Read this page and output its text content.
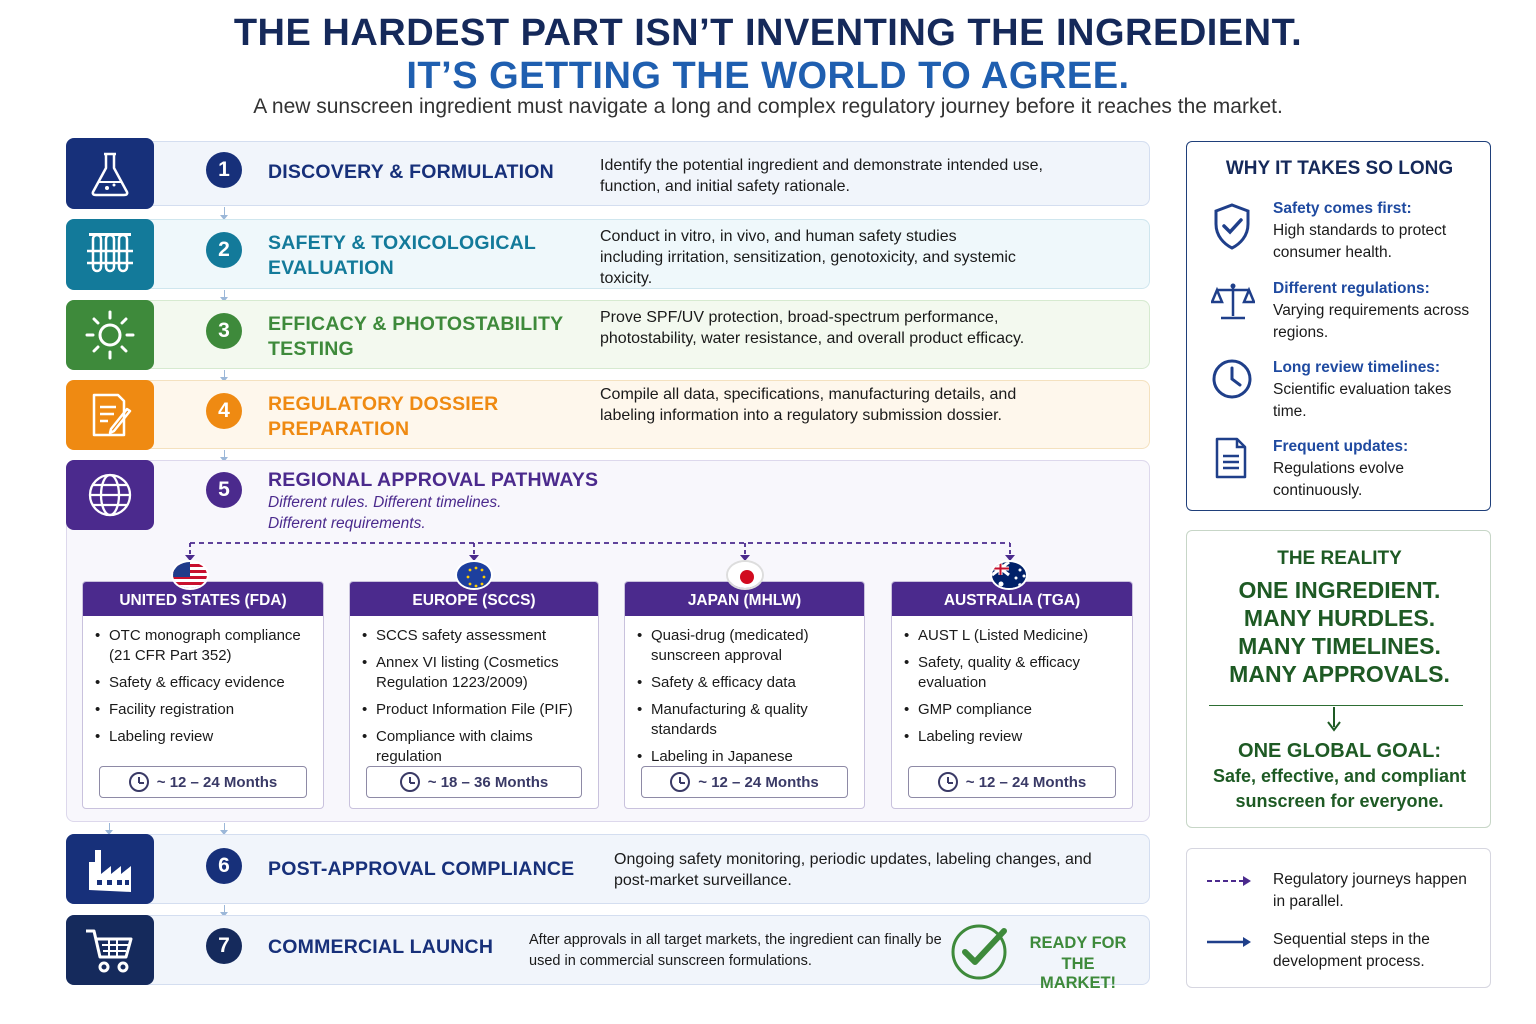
THE HARDEST PART ISN’T INVENTING THE INGREDIENT.
IT’S GETTING THE WORLD TO AGREE.
A new sunscreen ingredient must navigate a long and complex regulatory journey before it reaches the market.
1	DISCOVERY & FORMULATION	Identify the potential ingredient and demonstrate intended use, function, and initial safety rationale.
2	SAFETY & TOXICOLOGICAL EVALUATION
Conduct in vitro, in vivo, and human safety studies including irritation, sensitization, genotoxicity, and systemic toxicity.
3	EFFICACY & PHOTOSTABILITY TESTING
Prove SPF/UV protection, broad-spectrum performance, photostability, water resistance, and overall product efficacy.
4	REGULATORY DOSSIER PREPARATION
Compile all data, specifications, manufacturing details, and labeling information into a regulatory submission dossier.
5	REGIONAL APPROVAL PATHWAYS
Different rules. Different timelines.
Different requirements.
UNITED STATES (FDA)
• OTC monograph compliance (21 CFR Part 352)
• Safety & efficacy evidence
• Facility registration
• Labeling review
~ 12 – 24 Months
EUROPE (SCCS)
• SCCS safety assessment
• Annex VI listing (Cosmetics Regulation 1223/2009)
• Product Information File (PIF)
• Compliance with claims regulation
~ 18 – 36 Months
JAPAN (MHLW)
• Quasi-drug (medicated) sunscreen approval
• Safety & efficacy data
• Manufacturing & quality standards
• Labeling in Japanese
~ 12 – 24 Months
AUSTRALIA (TGA)
• AUST L (Listed Medicine)
• Safety, quality & efficacy evaluation
• GMP compliance
• Labeling review
~ 12 – 24 Months
6	POST-APPROVAL COMPLIANCE Ongoing safety monitoring, periodic updates, labeling changes, and post-market surveillance.
7	COMMERCIAL LAUNCH After approvals in all target markets, the ingredient can finally be used in commercial sunscreen formulations.
READY FOR
THE MARKET!
WHY IT TAKES SO LONG
Safety comes first:
High standards to protect consumer health.
Different regulations:
Varying requirements across regions.
Long review timelines:
Scientific evaluation takes time.
Frequent updates:
Regulations evolve continuously.
THE REALITY
ONE INGREDIENT.
MANY HURDLES.
MANY TIMELINES.
MANY APPROVALS.
ONE GLOBAL GOAL:
Safe, effective, and compliant
sunscreen for everyone.
Regulatory journeys happen in parallel.
Sequential steps in the development process.
